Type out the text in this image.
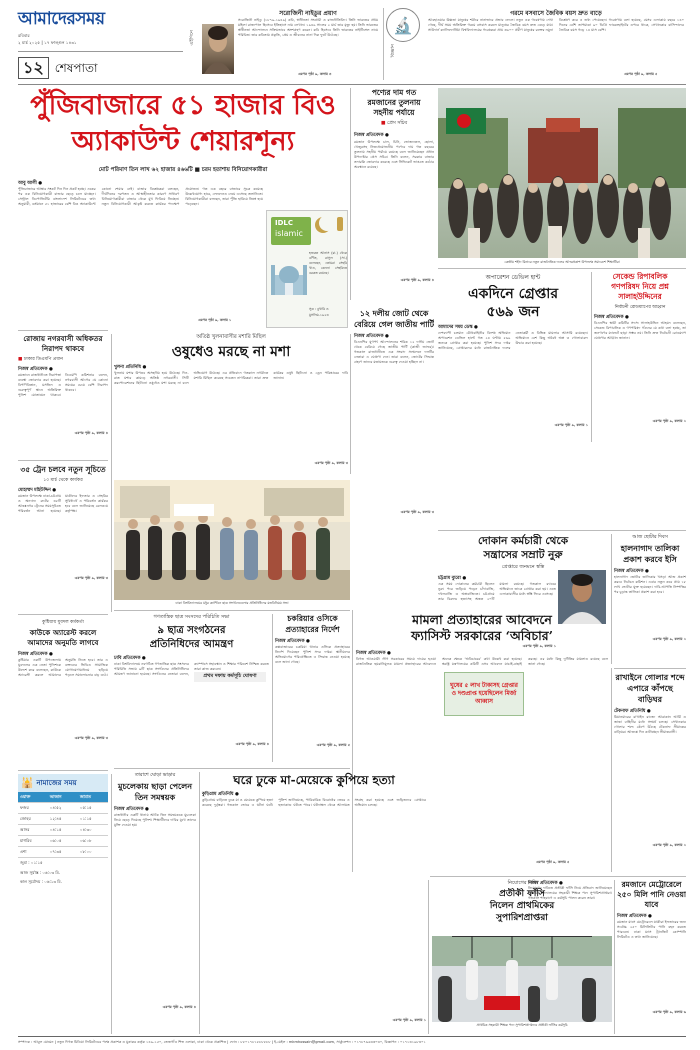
আমাদেরসময়
রবিবার
২ মার্চ ২০২৫ | ১৭ ফাল্গুন ১৪৩১
১২ শেষপাতা
এইদিনে
সরোজিনী নাইডুর প্রয়াণ
সরোজিনী নাইডু (১৮৭৯-১৯৪৯) কবি, স্বাধীনতা সংগ্রামী ও রাজনীতিবিদ। তিনি ভারতের প্রথম মহিলা রাজ্যপাল হিসেবে ইতিহাসে নাম লেখান। ১৯৪৯ সালের ২ মার্চ তার মৃত্যু হয়। তিনি ভারতের স্বাধীনতা আন্দোলনে সক্রিয়ভাবে অংশগ্রহণ করেন। কবি হিসেবে তিনি ভারতের নাইটিঙ্গেল নামে পরিচিত। তার কবিতায় প্রকৃতি, প্রেম ও জীবনের নানা দিক ফুটে উঠেছে।
এরপর পৃষ্ঠা ৯, কলাম ৩
🔬
বিজ্ঞান
গরমে বসবাসে জৈবিক বয়স দ্রুত বাড়ে
আবহাওয়ার উষ্ণতা মানুষের শরীরে নানাভাবে প্রভাব ফেলে। নতুন এক গবেষণায় দেখা গেছে, দীর্ঘ সময় অতিরিক্ত গরমে বসবাস করলে মানুষের জৈবিক বয়স দ্রুত বেড়ে যায়। সাউদার্ন ক্যালিফোর্নিয়া বিশ্ববিদ্যালয়ের গবেষকরা প্রায় ৩৬০০ প্রবীণ মানুষের রক্তের নমুনা বিশ্লেষণ করে এ তথ্য পেয়েছেন। গবেষণায় বলা হয়েছে, যেসব এলাকায় বছরে ১৪০ দিনের বেশি তাপমাত্রা ৯০ ডিগ্রি ফারেনহাইটের ওপরে থাকে, সেখানকার বাসিন্দাদের জৈবিক বয়স গড়ে ১৪ মাস বেশি।
এরপর পৃষ্ঠা ৯, কলাম ৫
পুঁজিবাজারে ৫১ হাজার বিও
অ্যাকাউন্ট শেয়ারশূন্য
মোট পরিমাণ তিন লাখ ৬২ হাজার ৪৬৬টি ■ চরম হতাশায় বিনিয়োগকারীরা
আবু আলী ●
পুঁজিবাজারে আস্থার সংকট দিন দিন প্রকট হচ্ছে। একের পর এক বিনিয়োগকারী বাজার ছেড়ে চলে যাচ্ছেন। সেন্ট্রাল ডিপোজিটরি বাংলাদেশ লিমিটেডের তথ্য অনুযায়ী, বর্তমানে ৫১ হাজারের বেশি বিও অ্যাকাউন্টে কোনো শেয়ার নেই। বাজার বিশ্লেষকরা বলছেন, দীর্ঘদিনের দরপতন ও আস্থাহীনতার কারণে সাধারণ বিনিয়োগকারীরা বাজার থেকে মুখ ফিরিয়ে নিচ্ছেন। নতুন বিনিয়োগকারী আকৃষ্ট করতে কার্যকর পদক্ষেপ প্রয়োজন। গত এক বছরে বাজারে সূচক কমেছে উল্লেখযোগ্য হারে, লেনদেনও নেমে এসেছে তলানিতে। বিনিয়োগকারীরা বলছেন, তারা পুঁজি হারিয়ে নিঃস্ব হয়ে পড়েছেন।
এরপর পৃষ্ঠা ৯, কলাম ১
IDLC
islamic
হজরত আনাস (রা.) থেকে বর্ণিত, রাসুল (সা.) বলেছেন, তোমরা সেহরি খাও, কেননা সেহরিতে বরকত রয়েছে।
সূত্র : বুখারি ও মুসলিম-১৯২৩
পণ্যের দাম গত
রমজানের তুলনায়
সহনীয় পর্যায়ে
■ প্রেস সচিব
নিজস্ব প্রতিবেদক ●
রমজান উপলক্ষে চাল, চিনি, ভোজ্যতেল, ছোলা, খেজুরসহ নিত্যপ্রয়োজনীয় পণ্যের দাম গত বছরের তুলনায় সহনীয় পর্যায়ে রয়েছে বলে জানিয়েছেন প্রধান উপদেষ্টার প্রেস সচিব। তিনি বলেন, সরকার বাজার তদারকি জোরদার করেছে এবং সিন্ডিকেট ভাঙতে কঠোর অবস্থানে রয়েছে।
এরপর পৃষ্ঠা ৯, কলাম ৪
কেন্দ্রীয় শহীদ মিনারে নতুন রাজনৈতিক দলের আত্মপ্রকাশ উপলক্ষে সমাবেশে শিক্ষার্থীরা
অপারেশন ডেভিল হান্ট
একদিনে গ্রেপ্তার
৫৬৯ জন
আমাদের সময় ডেস্ক ●
দেশব্যাপী চলমান যৌথবাহিনীর বিশেষ অভিযান অপারেশন ডেভিল হান্টে গত ২৪ ঘণ্টায় ৫৬৯ জনকে গ্রেপ্তার করা হয়েছে। পুলিশ সদর দপ্তর জানিয়েছে, গ্রেপ্তারদের মধ্যে রাজনৈতিক দলের নেতাকর্মী ও বিভিন্ন মামলার আসামি রয়েছেন। অভিযানে বেশ কিছু অবৈধ অস্ত্র ও গোলাবারুদ উদ্ধার করা হয়েছে।
এরপর পৃষ্ঠা ৯, কলাম ১
সেকেন্ড রিপাবলিক
গণপরিষদ নিয়ে প্রশ্ন
সালাহউদ্দিনের
নির্বাচনী রোডম্যাপের আহ্বান
নিজস্ব প্রতিবেদক ●
বিএনপির স্থায়ী কমিটির সদস্য সালাহউদ্দিন আহমদ বলেছেন, সেকেন্ড রিপাবলিক ও গণপরিষদ গঠনের যে কথা বলা হচ্ছে, তা জনগণের ম্যান্ডেট ছাড়া সম্ভব নয়। তিনি দ্রুত নির্বাচনী রোডম্যাপ ঘোষণার আহ্বান জানান।
এরপর পৃষ্ঠা ৯, কলাম ২
রোজায় নগরবাসী অধিকতর নিরাপদ থাকবে
■ ঢাকার ডিএমপি প্রধান
নিজস্ব প্রতিবেদক ●
রমজানে রাজধানীতে নিরাপত্তা ব্যবস্থা জোরদার করা হয়েছে। বিপণিবিতান, মসজিদ ও গুরুত্বপূর্ণ স্থানে অতিরিক্ত পুলিশ মোতায়েন থাকবে। ডিএমপি কমিশনার বলেন, নগরবাসী আগের যে কোনো সময়ের চেয়ে বেশি নিরাপদ থাকবে।
এরপর পৃষ্ঠা ৯, কলাম ৪
অতিষ্ঠ খুলনাবাসীর মশারি মিছিল
ওষুধেও মরছে না মশা
খুলনা প্রতিনিধি ●
খুলনায় মশার উপদ্রব অসহনীয় হয়ে উঠেছে। দিন-রাত মশার কামড়ে অতিষ্ঠ নগরবাসী। সিটি করপোরেশনের ছিটানো ওষুধেও মশা মরছে না বলে অভিযোগ উঠেছে। এর প্রতিবাদে গতকাল নগরীতে মশারি মিছিল করেছে সচেতন নাগরিকরা। তারা দ্রুত কার্যকর ওষুধ ছিটানো ও ড্রেন পরিষ্কারের দাবি জানান।
এরপর পৃষ্ঠা ৯, কলাম ৩
১২ দলীয় জোট থেকে বেরিয়ে গেল জাতীয় পার্টি
নিজস্ব প্রতিবেদক ●
বিএনপির যুগপৎ আন্দোলনের শরিক ১২ দলীয় জোট থেকে বেরিয়ে গেছে জাতীয় পার্টি (কাজী জাফর)। গতকাল রাজধানীতে এক সংবাদ সম্মেলনে দলটির নেতারা এ ঘোষণা দেন। তারা বলেন, জোটের সিদ্ধান্ত গ্রহণে তাদের মতামতকে গুরুত্ব দেওয়া হচ্ছিল না।
এরপর পৃষ্ঠা ৯, কলাম ৩
৩৫ ট্রেন চলবে নতুন সূচিতে
১০ মার্চ থেকে কার্যকর
মোহাম্মদ মহিউদ্দিন ●
রমজান উপলক্ষে ঢাকা-চট্টগ্রাম ও অন্যান্য রুটের ৩৫টি আন্তঃনগর ট্রেনের সময়সূচিতে পরিবর্তন আনা হয়েছে। যাত্রীদের ইফতার ও সেহরির সুবিধার্থে এ পরিবর্তন কার্যকর হবে বলে জানিয়েছে রেলওয়ে কর্তৃপক্ষ।
এরপর পৃষ্ঠা ৯, কলাম ৩
ঢাকা বিশ্ববিদ্যালয়ের মধুর ক্যান্টিনে ছাত্র সংগঠনগুলোর প্রতিনিধিদের মতবিনিময় সভা
দোকান কর্মচারী থেকে
সন্ত্রাসের সম্রাট নুরু
গ্রেপ্তারে জনমনে স্বস্তি
চট্টগ্রাম ব্যুরো ●
এক সময় দোকানের কর্মচারী ছিলেন নুরু। পরে জড়িয়ে পড়েন চাঁদাবাজি, দখলবাজি ও অস্ত্রবাজিতে। চট্টগ্রামে তার বিরুদ্ধে হত্যাসহ অন্তত ২০টি মামলা রয়েছে। গতকাল র‍্যাবের অভিযানে তাকে গ্রেপ্তার করা হয়। এতে এলাকাবাসীর মধ্যে স্বস্তি ফিরে এসেছে।
এরপর পৃষ্ঠা ৯, কলাম ১
আজ ছোটার দিবস
হালনাগাদ তালিকা প্রকাশ করবে ইসি
নিজস্ব প্রতিবেদক ●
হালনাগাদ ভোটার তালিকার খসড়া আজ প্রকাশ করবে নির্বাচন কমিশন। এবার নতুন করে প্রায় ১৮ লাখ ভোটার যুক্ত হয়েছেন। দাবি-আপত্তি নিষ্পত্তির পর চূড়ান্ত তালিকা প্রকাশ করা হবে।
এরপর পৃষ্ঠা ৯, কলাম ২
কুষ্টিয়ায় যুবদল কর্মকর্তা
কাউকে অ্যারেস্ট করলে আমাদের অনুমতি লাগবে
নিজস্ব প্রতিবেদক ●
কুষ্টিয়ার একটি উপজেলায় যুবদলের এক নেতা পুলিশকে উদ্দেশ করে বলেছেন, কাউকে অ্যারেস্ট করলে আমাদের অনুমতি নিতে হবে। তার এ বক্তব্যের ভিডিও সামাজিক যোগাযোগমাধ্যমে ছড়িয়ে পড়লে সমালোচনার ঝড় ওঠে।
এরপর পৃষ্ঠা ৯, কলাম ৩
গণতান্ত্রিক ছাত্র সংসদের পরিচিতি সভা
৯ ছাত্র সংগঠনের
প্রতিনিধিদের আমন্ত্রণ
ঢাবি প্রতিবেদক ●
ঢাকা বিশ্ববিদ্যালয়ে নবগঠিত গণতান্ত্রিক ছাত্র সংসদের পরিচিতি সভায় ৯টি ছাত্র সংগঠনের প্রতিনিধিদের আমন্ত্রণ জানানো হয়েছে। সংগঠনের নেতারা বলেন, ক্যাম্পাসে সহাবস্থান ও শিক্ষার পরিবেশ নিশ্চিত করতে তারা কাজ করবেন।
এরপর পৃষ্ঠা ৯, কলাম ৪
প্রথম দফায় কর্মসূচি ঘোষণা
চকরিয়ার ওসিকে প্রত্যাহারের নির্দেশ
নিজস্ব প্রতিবেদক ●
কক্সবাজারের চকরিয়া থানার ওসিকে প্রত্যাহারের নির্দেশ দিয়েছেন পুলিশ সদর দপ্তর। স্থানীয়দের অভিযোগের পরিপ্রেক্ষিতে এ সিদ্ধান্ত নেওয়া হয়েছে বলে জানা গেছে।
এরপর পৃষ্ঠা ৯, কলাম ৫
মামলা প্রত্যাহারের আবেদনে
ফ্যাসিস্ট সরকারের ‘অবিচার’
নিজস্ব প্রতিবেদক ●
বিগত আওয়ামী লীগ সরকারের সময়ে দায়ের হওয়া রাজনৈতিক হয়রানিমূলক মামলা প্রত্যাহারের আবেদনে অনেক ক্ষেত্রে ‘অবিচারের’ কথা উল্লেখ করা হয়েছে। স্বরাষ্ট্র মন্ত্রণালয়ের কমিটি এসব আবেদন যাচাই-বাছাই করছে। এর মধ্যে কিছু দুর্নীতির মামলাও রয়েছে বলে জানা গেছে।
ঘুষের ৫ লাখ টাকাসহ গ্রেপ্তার ও দণ্ডপ্রাপ্ত হয়েছিলেন মির্জা আব্বাস
এরপর পৃষ্ঠা ৯, কলাম ৫
রাখাইনে গোলার শব্দে এপারে কাঁপছে বাড়িঘর
টেকনাফ প্রতিনিধি ●
মিয়ানমারের রাখাইন রাজ্যে আরাকান আর্মি ও জান্তা বাহিনীর মধ্যে সংঘর্ষ চলছে। সেখানকার গোলার শব্দে কেঁপে উঠছে টেকনাফ সীমান্তের বাড়িঘর। আতঙ্কে দিন কাটাচ্ছেন সীমান্তবাসী।
এরপর পৃষ্ঠা ৯, কলাম ২
🕌 নামাজের সময়
ওয়াক্ত	আজান	জামাত
ফজর	০৪:৫২	০৫:১৫
জোহর	১২:৪৫	০১:১৫
আসর	০৪:১৫	০৪:৩০
মাগরিব	০৬:০৫	০৬:০৮
এশা	০৭:৩৫	০৮:০০
জুমা : ০১:১৫
আজ সূর্যাস্ত : ০৬:০৩ মি.
কাল সূর্যোদয় : ০৬:১৩ মি.
তারাশে ঘোড়া ভাড়ার
মুচলেকায় ছাড়া পেলেন তিন সমন্বয়ক
নিজস্ব প্রতিবেদক ●
রাজধানীর একটি থানায় আটক তিন সমন্বয়ককে মুচলেকা নিয়ে ছেড়ে দিয়েছে পুলিশ। শিক্ষার্থীদের দাবির মুখে তাদের মুক্তি দেওয়া হয়।
এরপর পৃষ্ঠা ৯, কলাম ৪
ঘরে ঢুকে মা-মেয়েকে কুপিয়ে হত্যা
কুড়িগ্রাম প্রতিনিধি ●
কুড়িগ্রামে বাড়িতে ঢুকে মা ও মেয়েকে কুপিয়ে হত্যা করেছে দুর্বৃত্তরা। গতকাল ভোরে এ ঘটনা ঘটে। পুলিশ জানিয়েছে, পারিবারিক বিরোধের জেরে এ হত্যাকাণ্ড ঘটতে পারে। ঘটনাস্থল থেকে আলামত সংগ্রহ করা হয়েছে এবং জড়িতদের গ্রেপ্তারে অভিযান চলছে।
এরপর পৃষ্ঠা ৯, কলাম ১
নিয়োগের দাবি
প্রতীকী ফাঁসি
নিলেন প্রাথমিকের
সুপারিশপ্রাপ্তরা
নিজস্ব প্রতিবেদক ●
নিয়োগের দাবিতে প্রতীকী ফাঁসি নিয়ে প্রতিবাদ জানিয়েছেন প্রাথমিক বিদ্যালয়ের সহকারী শিক্ষক পদে সুপারিশপ্রাপ্তরা। গতকাল শাহবাগে এ কর্মসূচি পালন করেন তারা।
প্রাথমিক সহকারী শিক্ষক পদে সুপারিশপ্রাপ্তদের প্রতীকী ফাঁসির কর্মসূচি
রমজানে মেট্রোরেলে ২৫০ মিলি পানি নেওয়া যাবে
নিজস্ব প্রতিবেদক ●
রমজান মাসে মেট্রোরেলে যাত্রীরা ইফতারের জন্য সর্বোচ্চ ২৫০ মিলিলিটার পানি বহন করতে পারবেন। ঢাকা ম্যাস ট্রানজিট কোম্পানি লিমিটেড এ তথ্য জানিয়েছে।
এরপর পৃষ্ঠা ৯, কলাম ৬
সম্পাদক : আবুল মোমেন | নতুন দিগন্ত মিডিয়া লিমিটেডের পক্ষে প্রকাশক ও মুদ্রাকর কর্তৃক ১৪৯-১৫০, তেজগাঁও শিল্প এলাকা, ঢাকা থেকে প্রকাশিত | ফোন : ৮৮০১৭৮১৮৮৮৮৮৮ | ই-মেইল : mkmhossain@gmail.com, সার্কুলেশন : ০১৭৮৭৬৬৩৩০৩০, বিজ্ঞাপন : ০১৭১৩১৯৮৩০১
